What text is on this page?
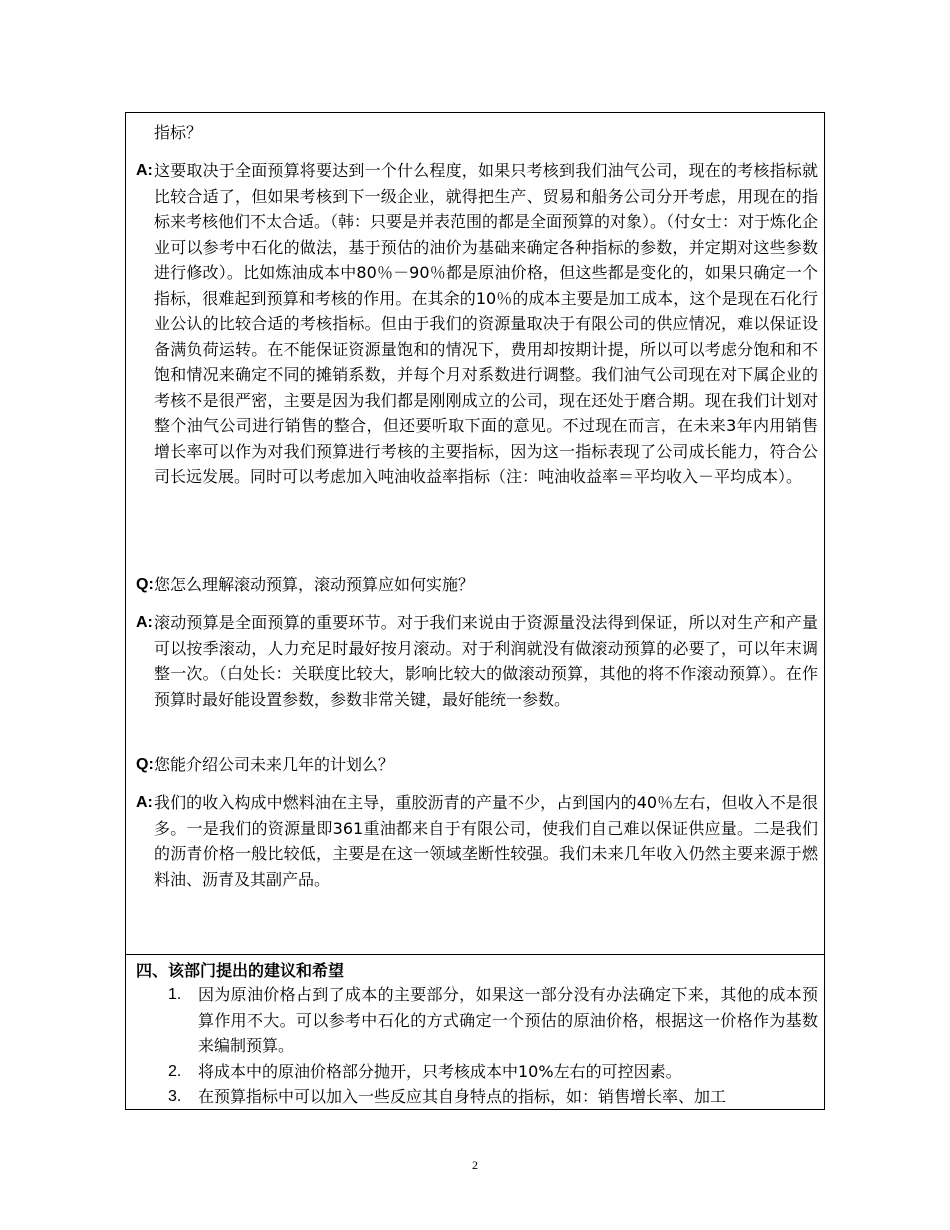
指标？
A: 这要取决于全面预算将要达到一个什么程度，如果只考核到我们油气公司，现在的考核指标就比较合适了，但如果考核到下一级企业，就得把生产、贸易和船务公司分开考虑，用现在的指标来考核他们不太合适。（韩：只要是并表范围的都是全面预算的对象）。（付女士：对于炼化企业可以参考中石化的做法，基于预估的油价为基础来确定各种指标的参数，并定期对这些参数进行修改）。比如炼油成本中80％－90％都是原油价格，但这些都是变化的，如果只确定一个指标，很难起到预算和考核的作用。在其余的10％的成本主要是加工成本，这个是现在石化行业公认的比较合适的考核指标。但由于我们的资源量取决于有限公司的供应情况，难以保证设备满负荷运转。在不能保证资源量饱和的情况下，费用却按期计提，所以可以考虑分饱和和不饱和情况来确定不同的摊销系数，并每个月对系数进行调整。我们油气公司现在对下属企业的考核不是很严密，主要是因为我们都是刚刚成立的公司，现在还处于磨合期。现在我们计划对整个油气公司进行销售的整合，但还要听取下面的意见。不过现在而言，在未来3年内用销售增长率可以作为对我们预算进行考核的主要指标，因为这一指标表现了公司成长能力，符合公司长远发展。同时可以考虑加入吨油收益率指标（注：吨油收益率＝平均收入－平均成本）。
Q: 您怎么理解滚动预算，滚动预算应如何实施？
A: 滚动预算是全面预算的重要环节。对于我们来说由于资源量没法得到保证，所以对生产和产量可以按季滚动，人力充足时最好按月滚动。对于利润就没有做滚动预算的必要了，可以年末调整一次。（白处长：关联度比较大，影响比较大的做滚动预算，其他的将不作滚动预算）。在作预算时最好能设置参数，参数非常关键，最好能统一参数。
Q: 您能介绍公司未来几年的计划么？
A: 我们的收入构成中燃料油在主导，重胶沥青的产量不少，占到国内的40％左右，但收入不是很多。一是我们的资源量即361重油都来自于有限公司，使我们自己难以保证供应量。二是我们的沥青价格一般比较低，主要是在这一领域垄断性较强。我们未来几年收入仍然主要来源于燃料油、沥青及其副产品。
四、该部门提出的建议和希望
1.	因为原油价格占到了成本的主要部分，如果这一部分没有办法确定下来，其他的成本预算作用不大。可以参考中石化的方式确定一个预估的原油价格，根据这一价格作为基数来编制预算。
2.	将成本中的原油价格部分抛开，只考核成本中10%左右的可控因素。
3.	在预算指标中可以加入一些反应其自身特点的指标，如：销售增长率、加工
2
